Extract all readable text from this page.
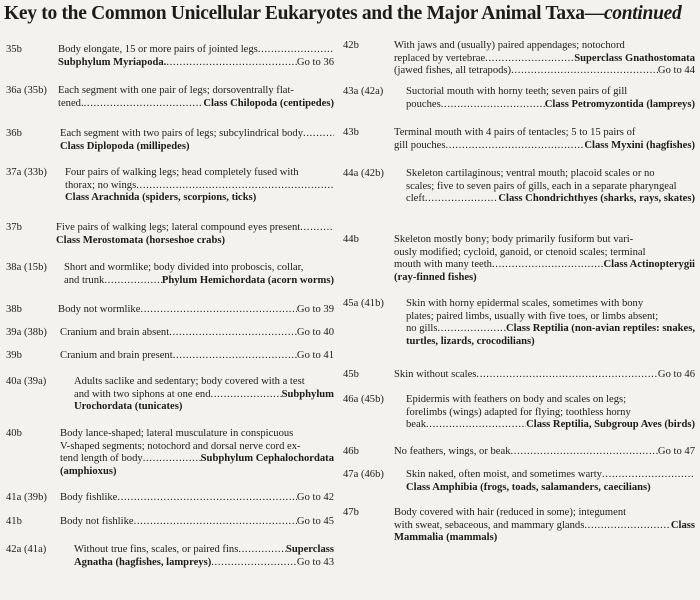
Key to the Common Unicellular Eukaryotes and the Major Animal Taxa—continued
35b	Body elongate, 15 or more pairs of jointed legs
. . .
Subphylum Myriapoda. . . .	Go to 36
36a (35b) Each segment with one pair of legs; dorsoventrally flat-
tened. . . .	Class Chilopoda (centipedes)
36b	Each segment with two pairs of legs; subcylindrical body
. . .
Class Diplopoda (millipedes)
37a (33b) Four pairs of walking legs; head completely fused with
thorax; no wings
. . .
Class Arachnida (spiders, scorpions, ticks)
37b	Five pairs of walking legs; lateral compound eyes present
. . .
Class Merostomata (horseshoe crabs)
38a (15b) Short and wormlike; body divided into proboscis, collar,
and trunk . . .	Phylum Hemichordata (acorn worms)
38b	Body not wormlike . . .	Go to 39
39a (38b) Cranium and brain absent . . .	Go to 40
39b	Cranium and brain present . . .	Go to 41
40a (39a)	Adults saclike and sedentary; body covered with a test
and with two siphons at one end . . .	Subphylum
Urochordata (tunicates)
40b	Body lance-shaped; lateral musculature in conspicuous
V-shaped segments; notochord and dorsal nerve cord ex-
tend length of body . . .	Subphylum Cephalochordata
(amphioxus)
41a (39b) Body fishlike . . .	Go to 42
41b	Body not fishlike . . .	Go to 45
42a (41a)	Without true fins, scales, or paired fins . . .	Superclass
Agnatha (hagfishes, lampreys) . . .	Go to 43
42b	With jaws and (usually) paired appendages; notochord
replaced by vertebrae . . .	Superclass Gnathostomata
(jawed fishes, all tetrapods) . . .	Go to 44
43a (42a) Suctorial mouth with horny teeth; seven pairs of gill
pouches . . .	Class Petromyzontida (lampreys)
43b	Terminal mouth with 4 pairs of tentacles; 5 to 15 pairs of
gill pouches . . .	Class Myxini (hagfishes)
44a (42b) Skeleton cartilaginous; ventral mouth; placoid scales or no
scales; five to seven pairs of gills, each in a separate pharyngeal
cleft . . .	Class Chondrichthyes (sharks, rays, skates)
44b	Skeleton mostly bony; body primarily fusiform but vari-
ously modified; cycloid, ganoid, or ctenoid scales; terminal
mouth with many teeth . . .	Class Actinopterygii
(ray-finned fishes)
45a (41b) Skin with horny epidermal scales, sometimes with bony
plates; paired limbs, usually with five toes, or limbs absent;
no gills . . .	Class Reptilia (non-avian reptiles: snakes,
turtles, lizards, crocodilians)
45b	Skin without scales . . .	Go to 46
46a (45b) Epidermis with feathers on body and scales on legs;
forelimbs (wings) adapted for flying; toothless horny
beak . . .	Class Reptilia, Subgroup Aves (birds)
46b	No feathers, wings, or beak . . .	Go to 47
47a (46b) Skin naked, often moist, and sometimes warty
. . .
Class Amphibia (frogs, toads, salamanders, caecilians)
47b	Body covered with hair (reduced in some); integument
with sweat, sebaceous, and mammary glands . . .	Class
Mammalia (mammals)
